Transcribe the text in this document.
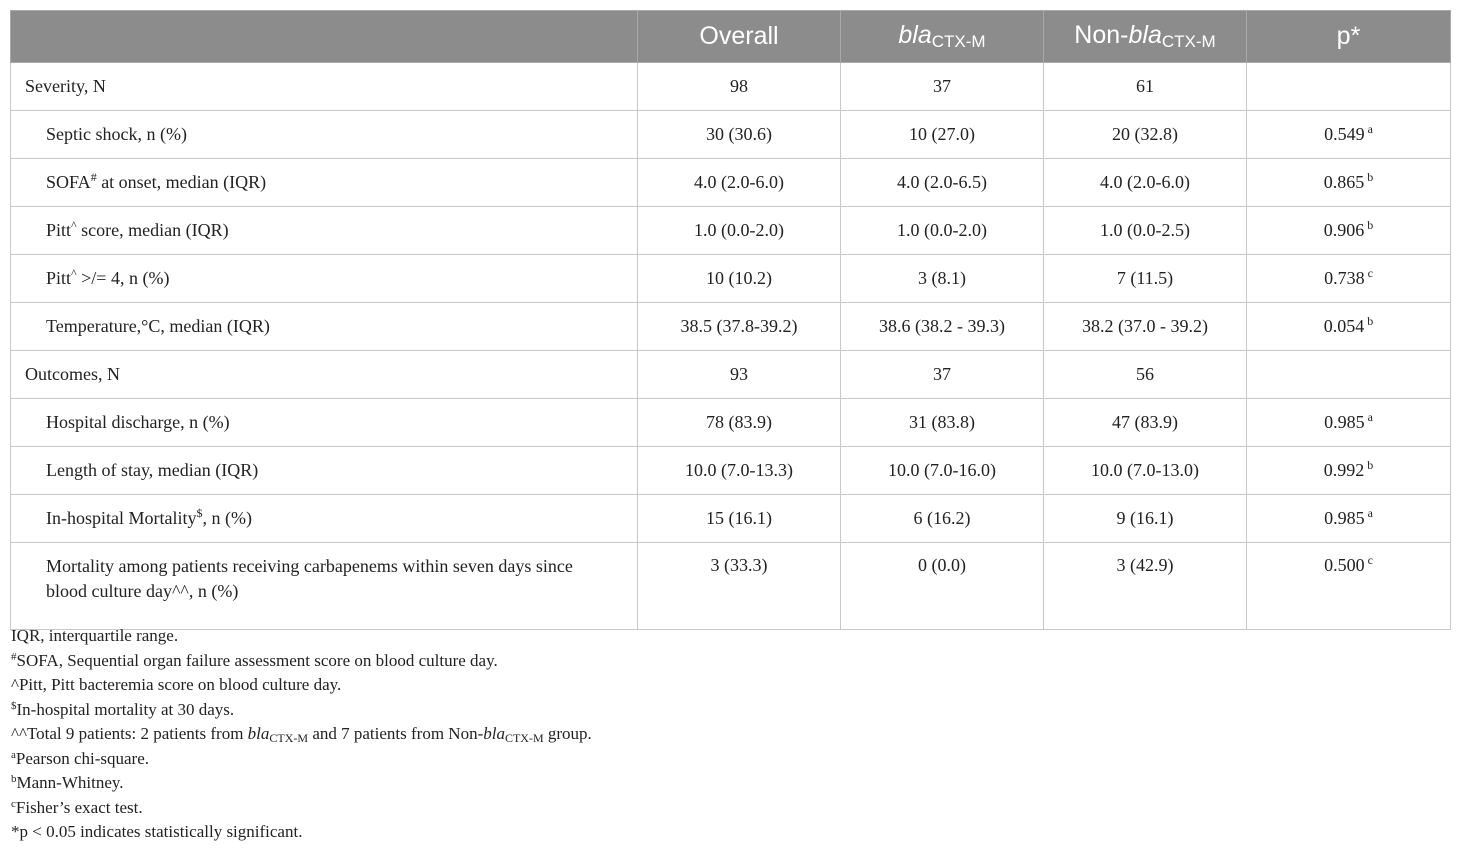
	Overall	bla$_{CTX-M}$	Non-bla$_{CTX-M}$	p*
Severity, N	98	37	61	
Septic shock, n (%)	30 (30.6)	10 (27.0)	20 (32.8)	0.549 $^a$
SOFA# at onset, median (IQR)	4.0 (2.0-6.0)	4.0 (2.0-6.5)	4.0 (2.0-6.0)	0.865 $^b$
Pitt^ score, median (IQR)	1.0 (0.0-2.0)	1.0 (0.0-2.0)	1.0 (0.0-2.5)	0.906 $^b$
Pitt^ >/= 4, n (%)	10 (10.2)	3 (8.1)	7 (11.5)	0.738 $^c$
Temperature,°C, median (IQR)	38.5 (37.8-39.2)	38.6 (38.2 - 39.3)	38.2 (37.0 - 39.2)	0.054 $^b$
Outcomes, N	93	37	56	
Hospital discharge, n (%)	78 (83.9)	31 (83.8)	47 (83.9)	0.985 $^a$
Length of stay, median (IQR)	10.0 (7.0-13.3)	10.0 (7.0-16.0)	10.0 (7.0-13.0)	0.992 $^b$
In-hospital Mortality$, n (%)	15 (16.1)	6 (16.2)	9 (16.1)	0.985 $^a$
Mortality among patients receiving carbapenems within seven days since blood culture day^^, n (%)	3 (33.3)	0 (0.0)	3 (42.9)	0.500 $^c$
IQR, interquartile range.
#SOFA, Sequential organ failure assessment score on blood culture day.
^Pitt, Pitt bacteremia score on blood culture day.
$In-hospital mortality at 30 days.
^^Total 9 patients: 2 patients from bla$_{CTX-M}$ and 7 patients from Non-bla$_{CTX-M}$ group.
$^a$Pearson chi-square.
$^b$Mann-Whitney.
$^c$Fisher’s exact test.
*p < 0.05 indicates statistically significant.
